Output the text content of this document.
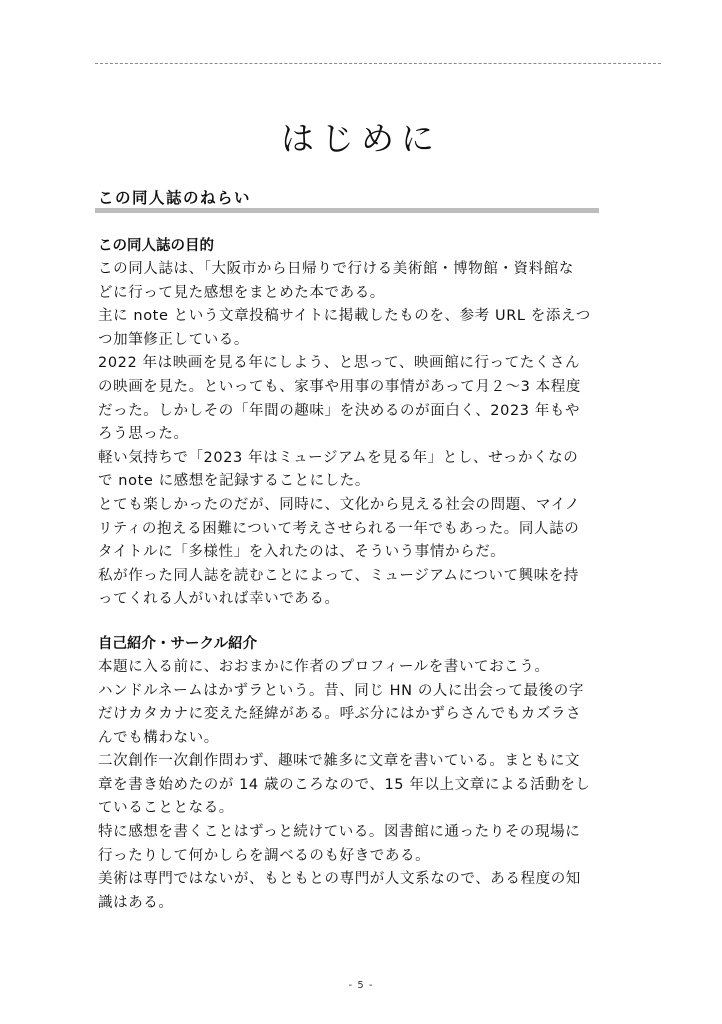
はじめに
この同人誌のねらい
この同人誌の目的

この同人誌は、「大阪市から日帰りで行ける美術館・博物館・資料館な
どに行って見た感想をまとめた本である。

主に note という文章投稿サイトに掲載したものを、参考 URL を添えつ
つ加筆修正している。

2022 年は映画を見る年にしよう、と思って、映画館に行ってたくさん
の映画を見た。といっても、家事や用事の事情があって月２～3 本程度
だった。しかしその「年間の趣味」を決めるのが面白く、2023 年もや
ろう思った。

軽い気持ちで「2023 年はミュージアムを見る年」とし、せっかくなの
で note に感想を記録することにした。

とても楽しかったのだが、同時に、文化から見える社会の問題、マイノ
リティの抱える困難について考えさせられる一年でもあった。同人誌の
タイトルに「多様性」を入れたのは、そういう事情からだ。

私が作った同人誌を読むことによって、ミュージアムについて興味を持
ってくれる人がいれば幸いである。

自己紹介・サークル紹介

本題に入る前に、おおまかに作者のプロフィールを書いておこう。

ハンドルネームはかずラという。昔、同じ HN の人に出会って最後の字
だけカタカナに変えた経緯がある。呼ぶ分にはかずらさんでもカズラさ
んでも構わない。

二次創作一次創作問わず、趣味で雑多に文章を書いている。まともに文
章を書き始めたのが 14 歳のころなので、15 年以上文章による活動をし
ていることとなる。

特に感想を書くことはずっと続けている。図書館に通ったりその現場に
行ったりして何かしらを調べるのも好きである。

美術は専門ではないが、もともとの専門が人文系なので、ある程度の知
識はある。

- 5 -
